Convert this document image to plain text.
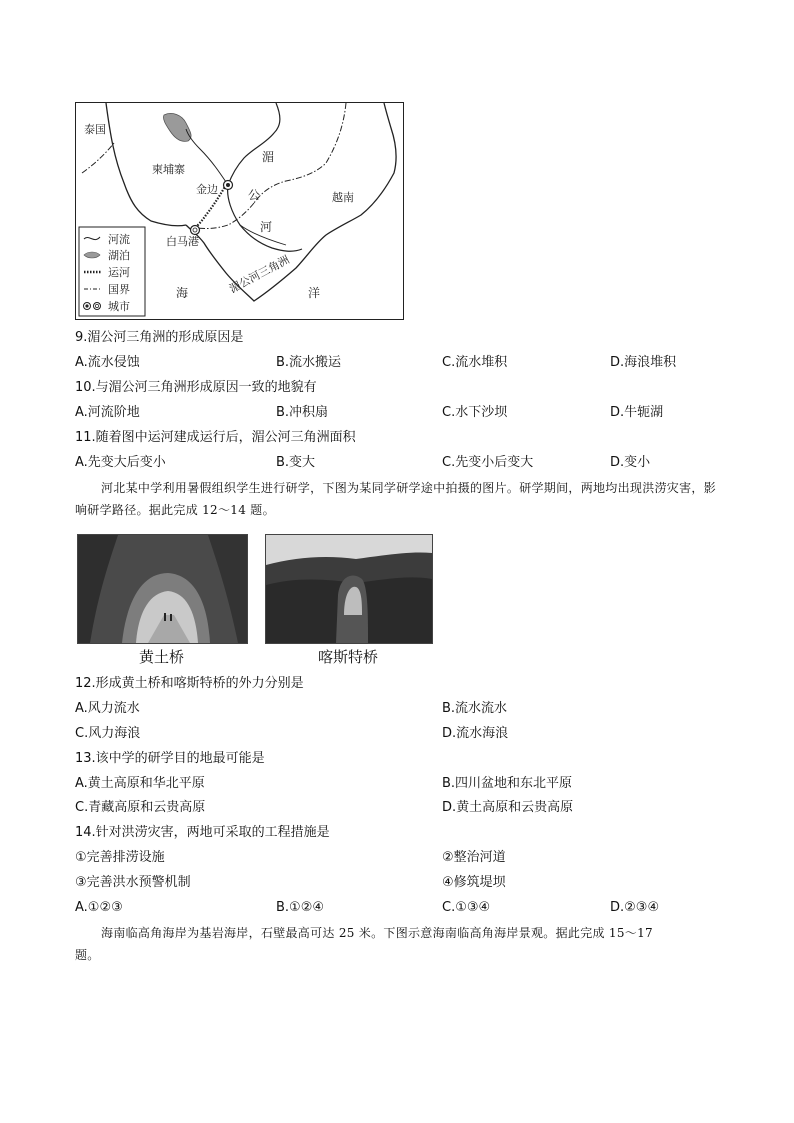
泰国
柬埔寨
金边
白马港
越南
湄
公
河
湄公河三角洲
海	洋
河流
湖泊
运河
国界
城市
9.湄公河三角洲的形成原因是
A.流水侵蚀	B.流水搬运	C.流水堆积	D.海浪堆积
10.与湄公河三角洲形成原因一致的地貌有
A.河流阶地	B.冲积扇	C.水下沙坝	D.牛轭湖
11.随着图中运河建成运行后，湄公河三角洲面积
A.先变大后变小	B.变大	C.先变小后变大	D.变小
河北某中学利用暑假组织学生进行研学，下图为某同学研学途中拍摄的图片。研学期间，两地均出现洪涝灾害，影响研学路径。据此完成 12～14 题。
黄土桥	喀斯特桥
12.形成黄土桥和喀斯特桥的外力分别是
A.风力流水	B.流水流水
C.风力海浪	D.流水海浪
13.该中学的研学目的地最可能是
A.黄土高原和华北平原	B.四川盆地和东北平原
C.青藏高原和云贵高原	D.黄土高原和云贵高原
14.针对洪涝灾害，两地可采取的工程措施是
①完善排涝设施	②整治河道
③完善洪水预警机制	④修筑堤坝
A.①②③	B.①②④	C.①③④	D.②③④
海南临高角海岸为基岩海岸，石壁最高可达 25 米。下图示意海南临高角海岸景观。据此完成 15～17
题。
